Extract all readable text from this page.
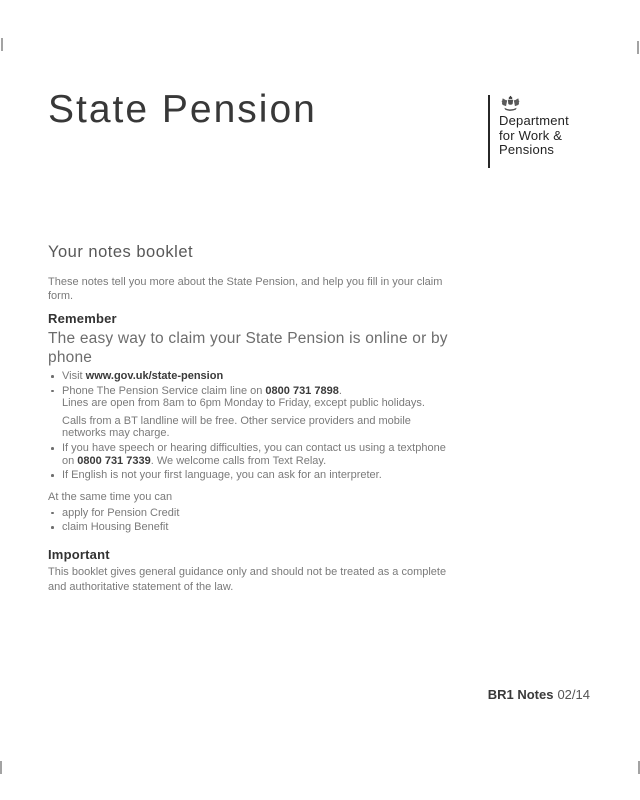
State Pension	Department
for Work &
Pensions
Your notes booklet

These notes tell you more about the State Pension, and help you fill in your claim form.

Remember

The easy way to claim your State Pension is online or by phone

Visit www.gov.uk/state-pension

Phone The Pension Service claim line on 0800 731 7898.

Lines are open from 8am to 6pm Monday to Friday, except public holidays.

Calls from a BT landline will be free. Other service providers and mobile networks may charge.

If you have speech or hearing difficulties, you can contact us using a textphone on 0800 731 7339. We welcome calls from Text Relay.

If English is not your first language, you can ask for an interpreter.

At the same time you can

apply for Pension Credit

claim Housing Benefit

Important

This booklet gives general guidance only and should not be treated as a complete and authoritative statement of the law.

BR1 Notes 02/14
